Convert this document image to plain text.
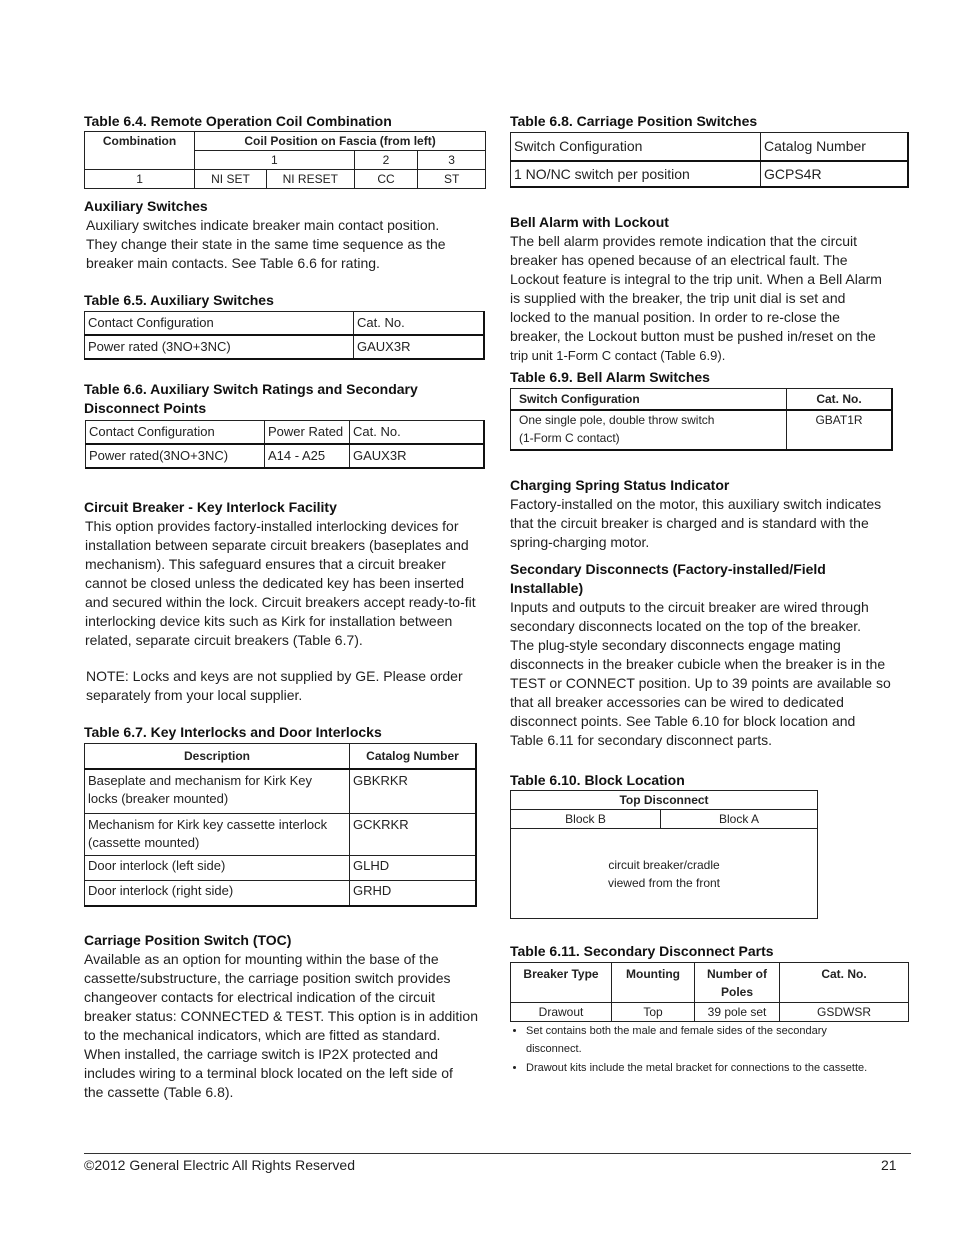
Table 6.4. Remote Operation Coil Combination
Combination	Coil Position on Fascia (from left)			
	1		2	3
1	NI SET	NI RESET	CC	ST
Auxiliary Switches
Auxiliary switches indicate breaker main contact position.
They change their state in the same time sequence as the
breaker main contacts. See Table 6.6 for rating.
Table 6.5. Auxiliary Switches
Contact Configuration	Cat. No.
Power rated (3NO+3NC)	GAUX3R
Table 6.6. Auxiliary Switch Ratings and Secondary
Disconnect Points
Contact Configuration	Power Rated	Cat. No.
Power rated(3NO+3NC)	A14 - A25	GAUX3R
Circuit Breaker - Key Interlock Facility
This option provides factory-installed interlocking devices for
installation between separate circuit breakers (baseplates and
mechanism). This safeguard ensures that a circuit breaker
cannot be closed unless the dedicated key has been inserted
and secured within the lock. Circuit breakers accept ready-to-fit
interlocking device kits such as Kirk for installation between
related, separate circuit breakers (Table 6.7).
NOTE: Locks and keys are not supplied by GE. Please order
separately from your local supplier.
Table 6.7. Key Interlocks and Door Interlocks
Description	Catalog Number

Baseplate and mechanism for Kirk Key
locks (breaker mounted)	GBKRKR

Mechanism for Kirk key cassette interlock
(cassette mounted)	GCKRKR
Door interlock (left side)	GLHD
Door interlock (right side)	GRHD
Carriage Position Switch (TOC)
Available as an option for mounting within the base of the
cassette/substructure, the carriage position switch provides
changeover contacts for electrical indication of the circuit
breaker status: CONNECTED & TEST. This option is in addition
to the mechanical indicators, which are fitted as standard.
When installed, the carriage switch is IP2X protected and
includes wiring to a terminal block located on the left side of
the cassette (Table 6.8).
Table 6.8. Carriage Position Switches
Switch Configuration	Catalog Number
1 NO/NC switch per position	GCPS4R
Bell Alarm with Lockout
The bell alarm provides remote indication that the circuit
breaker has opened because of an electrical fault. The
Lockout feature is integral to the trip unit. When a Bell Alarm
is supplied with the breaker, the trip unit dial is set and
locked to the manual position. In order to re-close the
breaker, the Lockout button must be pushed in/reset on the
trip unit 1-Form C contact (Table 6.9).
Table 6.9. Bell Alarm Switches
Switch Configuration	Cat. No.

One single pole, double throw switch
(1-Form C contact)	GBAT1R
Charging Spring Status Indicator
Factory-installed on the motor, this auxiliary switch indicates
that the circuit breaker is charged and is standard with the
spring-charging motor.
Secondary Disconnects (Factory-installed/Field
Installable)
Inputs and outputs to the circuit breaker are wired through
secondary disconnects located on the top of the breaker.
The plug-style secondary disconnects engage mating
disconnects in the breaker cubicle when the breaker is in the
TEST or CONNECT position. Up to 39 points are available so
that all breaker accessories can be wired to dedicated
disconnect points. See Table 6.10 for block location and
Table 6.11 for secondary disconnect parts.
Table 6.10. Block Location
Top Disconnect
Block B	Block A

circuit breaker/cradle
viewed from the front
Table 6.11. Secondary Disconnect Parts
Breaker Type	Mounting	Number of Poles	Cat. No.
Drawout	Top	39 pole set	GSDWSR
• Set contains both the male and female sides of the secondary
disconnect.
• Drawout kits include the metal bracket for connections to the cassette.
©2012 General Electric All Rights Reserved	21
